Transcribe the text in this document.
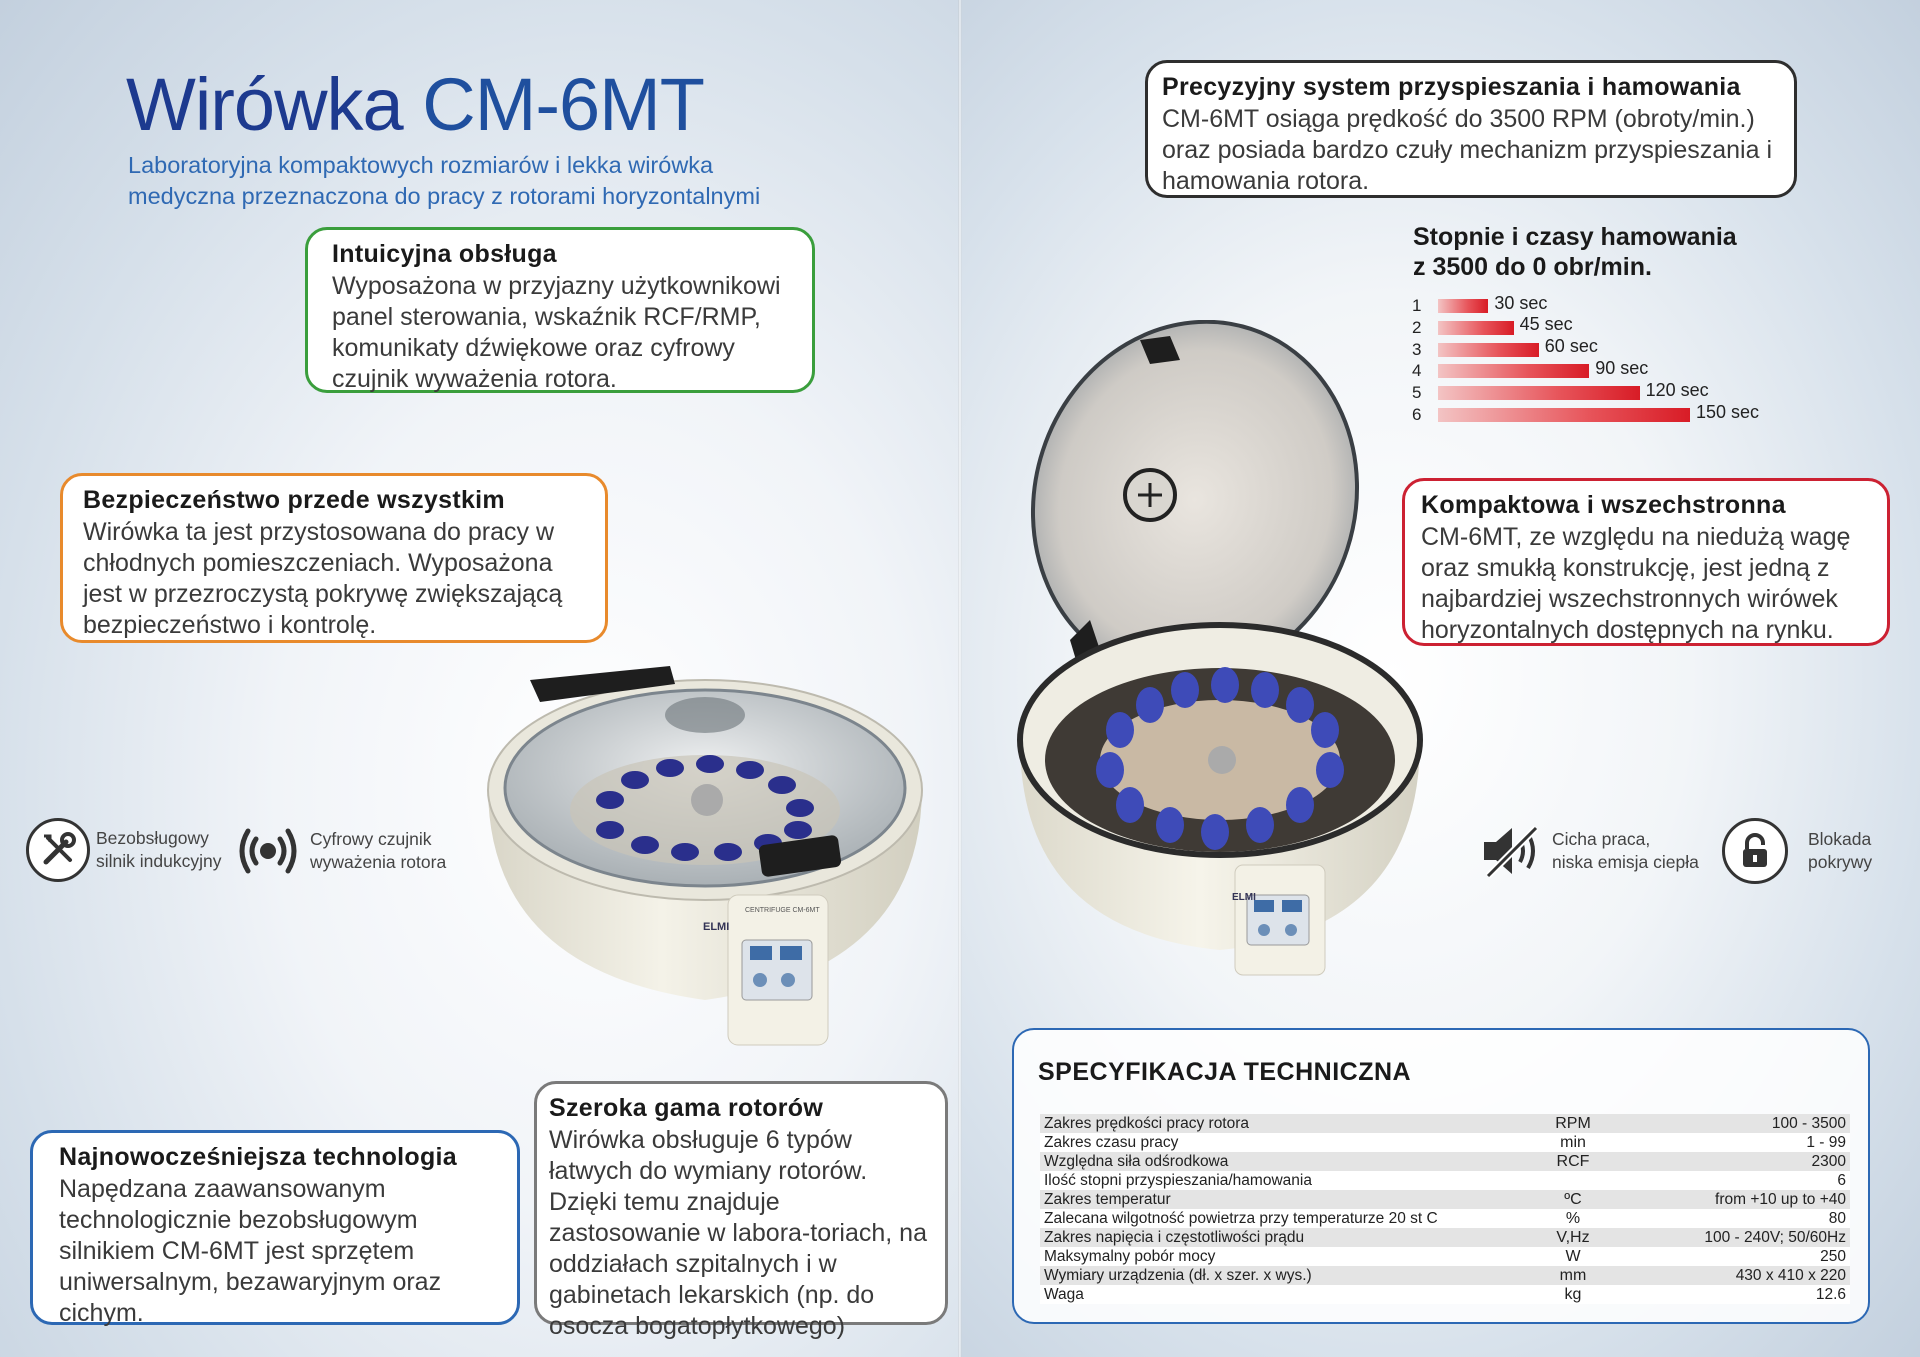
Wirówka CM-6MT
Laboratoryjna kompaktowych rozmiarów i lekka wirówka
medyczna przeznaczona do pracy z rotorami horyzontalnymi
CENTRIFUGE CM-6MT
ELMI
ELMI
Intuicyjna obsługa

Wyposażona w przyjazny użytkownikowi panel sterowania, wskaźnik RCF/RMP, komunikaty dźwiękowe oraz cyfrowy czujnik wyważenia rotora.

Bezpieczeństwo przede wszystkim

Wirówka ta jest przystosowana do pracy w chłodnych pomieszczeniach. Wyposażona jest w przezroczystą pokrywę zwiększającą bezpieczeństwo i kontrolę.

Najnowocześniejsza technologia

Napędzana zaawansowanym technologicznie bezobsługowym silnikiem CM-6MT jest sprzętem uniwersalnym, bezawaryjnym oraz cichym.

Szeroka gama rotorów

Wirówka obsługuje 6 typów łatwych do wymiany rotorów. Dzięki temu znajduje zastosowanie w labora-toriach, na oddziałach szpitalnych i w gabinetach lekarskich (np. do osocza bogatopłytkowego)

Precyzyjny system przyspieszania i hamowania

CM-6MT osiąga prędkość do 3500 RPM (obroty/min.) oraz posiada bardzo czuły mechanizm przyspieszania i hamowania rotora.

Kompaktowa i wszechstronna

CM-6MT, ze względu na niedużą wagę oraz smukłą konstrukcję, jest jedną z najbardziej wszechstronnych wirówek horyzontalnych dostępnych na rynku.

Bezobsługowy
silnik indukcyjny
Cyfrowy czujnik
wyważenia rotora
Cicha praca,
niska emisja ciepła
Blokada
pokrywy
Stopnie i czasy hamowania
z 3500 do 0 obr/min.
1	30 sec
2	45 sec
3	60 sec
4	90 sec
5	120 sec
6	150 sec
SPECYFIKACJA TECHNICZNA
Zakres prędkości pracy rotora	RPM	100 - 3500
Zakres czasu pracy	min	1 - 99
Względna siła odśrodkowa	RCF	2300
Ilość stopni przyspieszania/hamowania		6
Zakres temperatur	ºC	from +10 up to +40
Zalecana wilgotność powietrza przy temperaturze 20 st C	%	80
Zakres napięcia i częstotliwości prądu	V,Hz	100 - 240V; 50/60Hz
Maksymalny pobór mocy	W	250
Wymiary urządzenia (dł. x szer. x wys.)	mm	430 x 410 x 220
Waga	kg	12.6
